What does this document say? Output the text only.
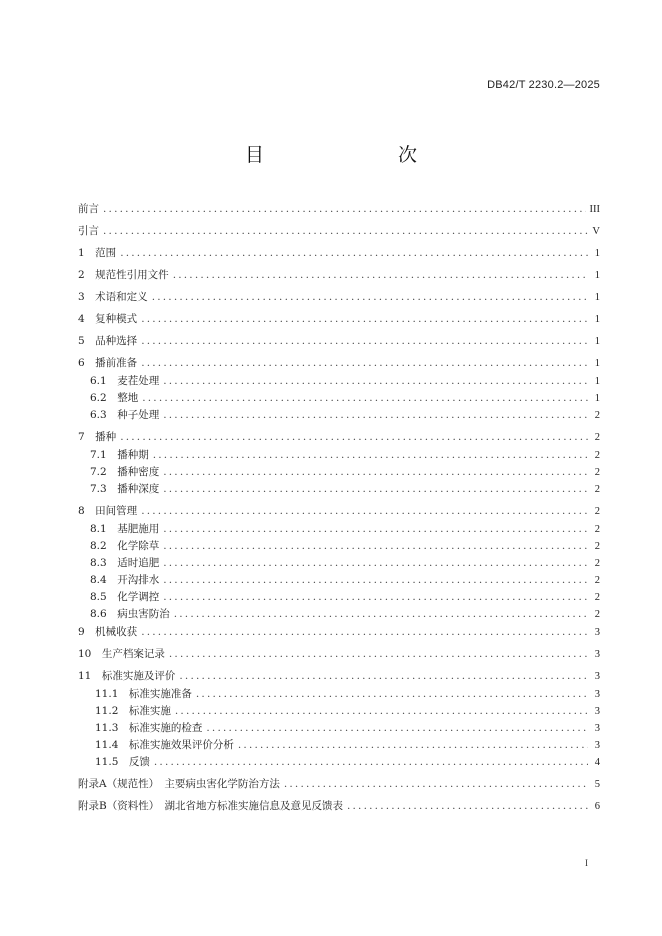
DB42/T 2230.2—2025
目　　次
前言 .....	III
引言 .....	V
1　范围 .....	1
2　规范性引用文件 .....	1
3　术语和定义 .....	1
4　复种模式 .....	1
5　品种选择 .....	1
6　播前准备 .....	1
6.1　麦茬处理 .....	1
6.2　整地 .....	1
6.3　种子处理 .....	2
7　播种 .....	2
7.1　播种期 .....	2
7.2　播种密度 .....	2
7.3　播种深度 .....	2
8　田间管理 .....	2
8.1　基肥施用 .....	2
8.2　化学除草 .....	2
8.3　适时追肥 .....	2
8.4　开沟排水 .....	2
8.5　化学调控 .....	2
8.6　病虫害防治 .....	2
9　机械收获 .....	3
10　生产档案记录 .....	3
11　标准实施及评价 .....	3
11.1　标准实施准备 .....	3
11.2　标准实施 .....	3
11.3　标准实施的检查 .....	3
11.4　标准实施效果评价分析 .....	3
11.5　反馈 .....	4
附录A（规范性）　主要病虫害化学防治方法 .....	5
附录B（资料性）　湖北省地方标准实施信息及意见反馈表 .....	6
I
